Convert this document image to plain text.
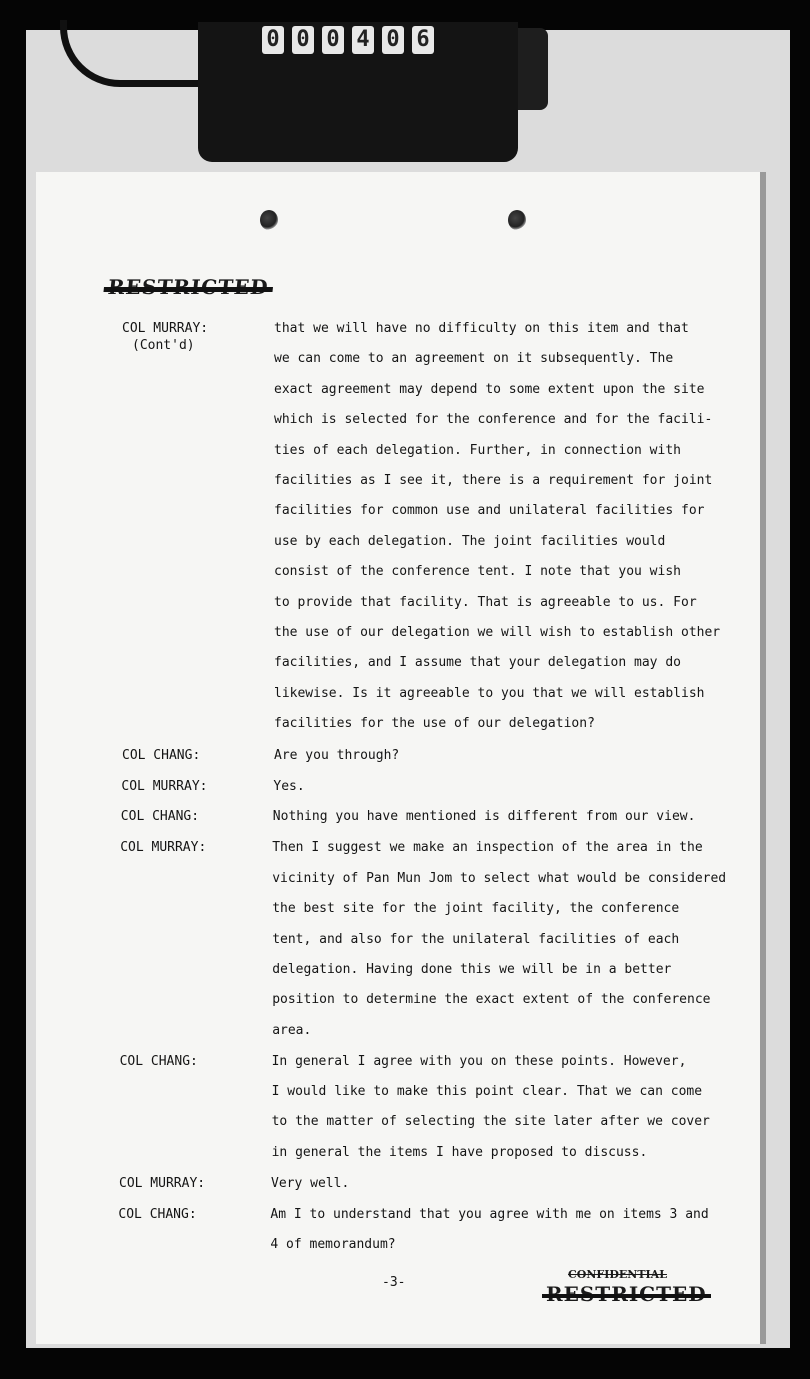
0 0 0 4 0 6
COL MURRAY:
(Cont'd)
that we will have no difficulty on this item and that
we can come to an agreement on it subsequently. The
exact agreement may depend to some extent upon the site
which is selected for the conference and for the facili-
ties of each delegation. Further, in connection with
facilities as I see it, there is a requirement for joint
facilities for common use and unilateral facilities for
use by each delegation. The joint facilities would
consist of the conference tent. I note that you wish
to provide that facility. That is agreeable to us. For
the use of our delegation we will wish to establish other
facilities, and I assume that your delegation may do
likewise. Is it agreeable to you that we will establish
facilities for the use of our delegation?
COL CHANG:	Are you through?
COL MURRAY:	Yes.
COL CHANG:	Nothing you have mentioned is different from our view.
COL MURRAY:	Then I suggest we make an inspection of the area in the
vicinity of Pan Mun Jom to select what would be considered
the best site for the joint facility, the conference
tent, and also for the unilateral facilities of each
delegation. Having done this we will be in a better
position to determine the exact extent of the conference
area.
COL CHANG:	In general I agree with you on these points. However,
I would like to make this point clear. That we can come
to the matter of selecting the site later after we cover
in general the items I have proposed to discuss.
COL MURRAY:	Very well.
COL CHANG:	Am I to understand that you agree with me on items 3 and
4 of memorandum?
-3-
CONFIDENTIAL
